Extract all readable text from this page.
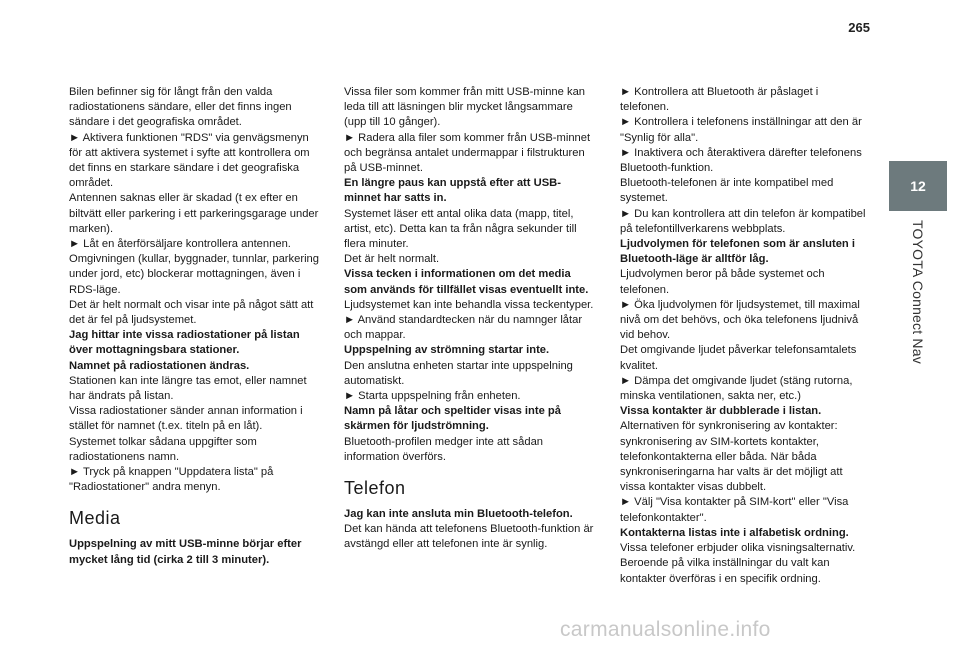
265
12
TOYOTA Connect Nav

Bilen befinner sig för långt från den valda radiostationens sändare, eller det finns ingen sändare i det geografiska området.

► Aktivera funktionen "RDS" via genvägsmenyn för att aktivera systemet i syfte att kontrollera om det finns en starkare sändare i det geografiska området.

Antennen saknas eller är skadad (t ex efter en biltvätt eller parkering i ett parkeringsgarage under marken).

► Låt en återförsäljare kontrollera antennen.

Omgivningen (kullar, byggnader, tunnlar, parkering under jord, etc) blockerar mottagningen, även i RDS-läge.

Det är helt normalt och visar inte på något sätt att det är fel på ljudsystemet.

Jag hittar inte vissa radiostationer på listan över mottagningsbara stationer.

Namnet på radiostationen ändras.

Stationen kan inte längre tas emot, eller namnet har ändrats på listan.

Vissa radiostationer sänder annan information i stället för namnet (t.ex. titeln på en låt).

Systemet tolkar sådana uppgifter som radiostationens namn.

► Tryck på knappen "Uppdatera lista" på "Radiostationer" andra menyn.

Media

Uppspelning av mitt USB-minne börjar efter mycket lång tid (cirka 2 till 3 minuter).

Vissa filer som kommer från mitt USB-minne kan leda till att läsningen blir mycket långsammare (upp till 10 gånger).

► Radera alla filer som kommer från USB-minnet och begränsa antalet undermappar i filstrukturen på USB-minnet.

En längre paus kan uppstå efter att USB-minnet har satts in.

Systemet läser ett antal olika data (mapp, titel, artist, etc). Detta kan ta från några sekunder till flera minuter.

Det är helt normalt.

Vissa tecken i informationen om det media som används för tillfället visas eventuellt inte.

Ljudsystemet kan inte behandla vissa teckentyper.

► Använd standardtecken när du namnger låtar och mappar.

Uppspelning av strömning startar inte.

Den anslutna enheten startar inte uppspelning automatiskt.

► Starta uppspelning från enheten.

Namn på låtar och speltider visas inte på skärmen för ljudströmning.

Bluetooth-profilen medger inte att sådan information överförs.

Telefon

Jag kan inte ansluta min Bluetooth-telefon.

Det kan hända att telefonens Bluetooth-funktion är avstängd eller att telefonen inte är synlig.

► Kontrollera att Bluetooth är påslaget i telefonen.

► Kontrollera i telefonens inställningar att den är "Synlig för alla".

► Inaktivera och återaktivera därefter telefonens Bluetooth-funktion.

Bluetooth-telefonen är inte kompatibel med systemet.

► Du kan kontrollera att din telefon är kompatibel på telefontillverkarens webbplats.

Ljudvolymen för telefonen som är ansluten i Bluetooth-läge är alltför låg.

Ljudvolymen beror på både systemet och telefonen.

► Öka ljudvolymen för ljudsystemet, till maximal nivå om det behövs, och öka telefonens ljudnivå vid behov.

Det omgivande ljudet påverkar telefonsamtalets kvalitet.

► Dämpa det omgivande ljudet (stäng rutorna, minska ventilationen, sakta ner, etc.)

Vissa kontakter är dubblerade i listan.

Alternativen för synkronisering av kontakter: synkronisering av SIM-kortets kontakter, telefonkontakterna eller båda. När båda synkroniseringarna har valts är det möjligt att vissa kontakter visas dubbelt.

► Välj "Visa kontakter på SIM-kort" eller "Visa telefonkontakter".

Kontakterna listas inte i alfabetisk ordning.

Vissa telefoner erbjuder olika visningsalternativ. Beroende på vilka inställningar du valt kan kontakter överföras i en specifik ordning.

carmanualsonline.info
